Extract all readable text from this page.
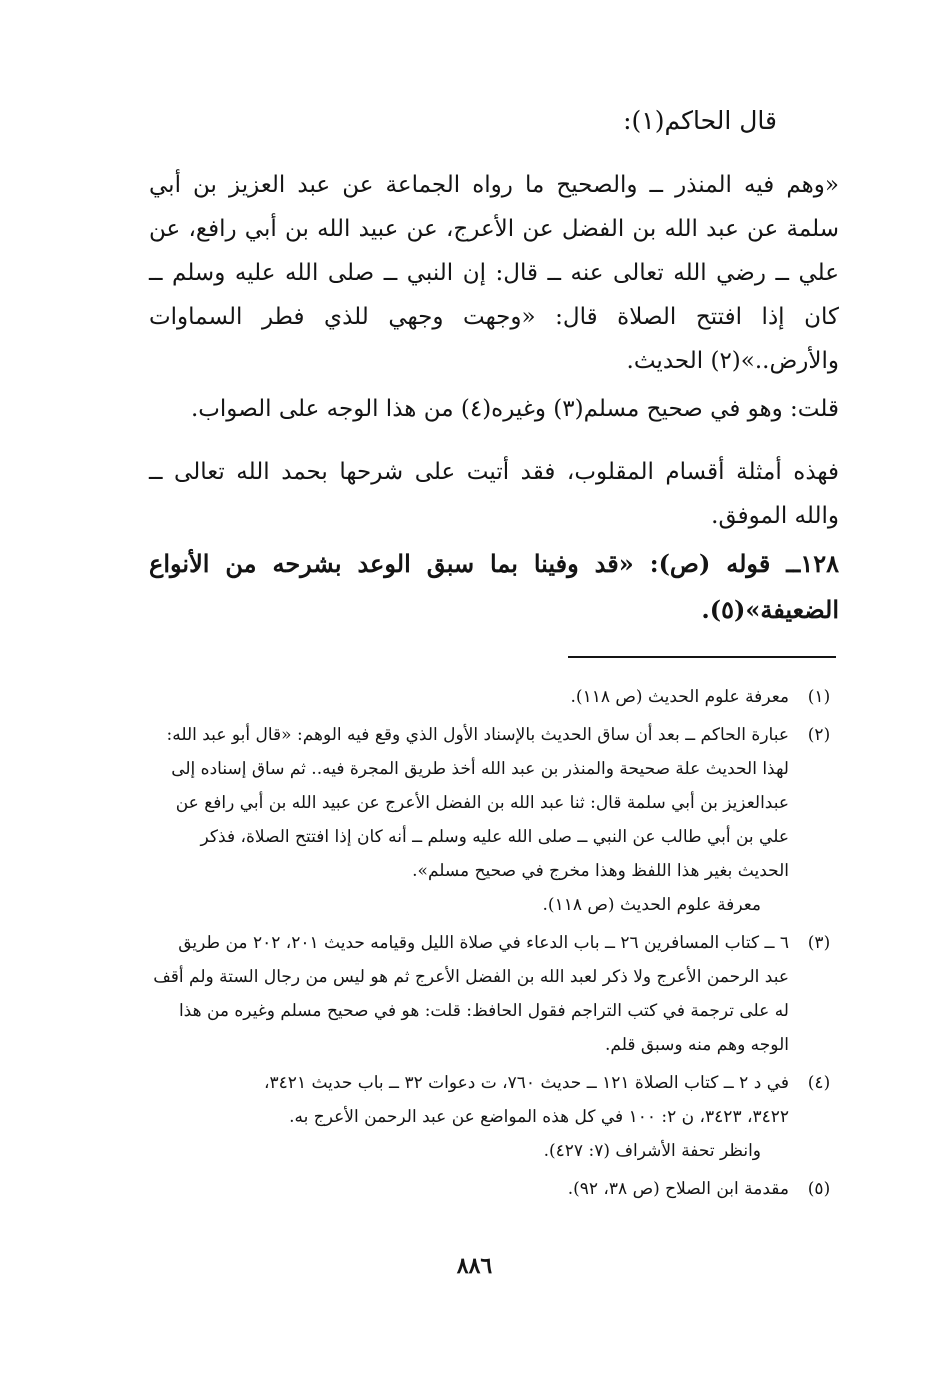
قال الحاكم(١):
«وهم فيه المنذر ــ والصحيح ما رواه الجماعة عن عبد العزيز بن أبي سلمة عن عبد الله بن الفضل عن الأعرج، عن عبيد الله بن أبي رافع، عن علي ــ رضي الله تعالى عنه ــ قال: إن النبي ــ صلى الله عليه وسلم ــ كان إذا افتتح الصلاة قال: «وجهت وجهي للذي فطر السماوات والأرض..»(٢) الحديث.
قلت: وهو في صحيح مسلم(٣) وغيره(٤) من هذا الوجه على الصواب.
فهذه أمثلة أقسام المقلوب، فقد أتيت على شرحها بحمد الله تعالى ــ والله الموفق.
١٢٨ــ قوله (ص): «قد وفينا بما سبق الوعد بشرحه من الأنواع الضعيفة»(٥).
(١)
معرفة علوم الحديث (ص ١١٨).
(٢)
عبارة الحاكم ــ بعد أن ساق الحديث بالإسناد الأول الذي وقع فيه الوهم: «قال أبو عبد الله:
لهذا الحديث علة صحيحة والمنذر بن عبد الله أخذ طريق المجرة فيه.. ثم ساق إسناده إلى
عبدالعزيز بن أبي سلمة قال: ثنا عبد الله بن الفضل الأعرج عن عبيد الله بن أبي رافع عن
علي بن أبي طالب عن النبي ــ صلى الله عليه وسلم ــ أنه كان إذا افتتح الصلاة، فذكر
الحديث بغير هذا اللفظ وهذا مخرج في صحيح مسلم».
معرفة علوم الحديث (ص ١١٨).
(٣)
٦ ــ كتاب المسافرين ٢٦ ــ باب الدعاء في صلاة الليل وقيامه حديث ٢٠١، ٢٠٢ من طريق
عبد الرحمن الأعرج ولا ذكر لعبد الله بن الفضل الأعرج ثم هو ليس من رجال الستة ولم أقف
له على ترجمة في كتب التراجم فقول الحافظ: قلت: هو في صحيح مسلم وغيره من هذا
الوجه وهم منه وسبق قلم.
(٤)
في د ٢ ــ كتاب الصلاة ١٢١ ــ حديث ٧٦٠، ت دعوات ٣٢ ــ باب حديث ٣٤٢١،
٣٤٢٢، ٣٤٢٣، ن ٢: ١٠٠ في كل هذه المواضع عن عبد الرحمن الأعرج به.
وانظر تحفة الأشراف (٧: ٤٢٧).
(٥)
مقدمة ابن الصلاح (ص ٣٨، ٩٢).
٨٨٦
